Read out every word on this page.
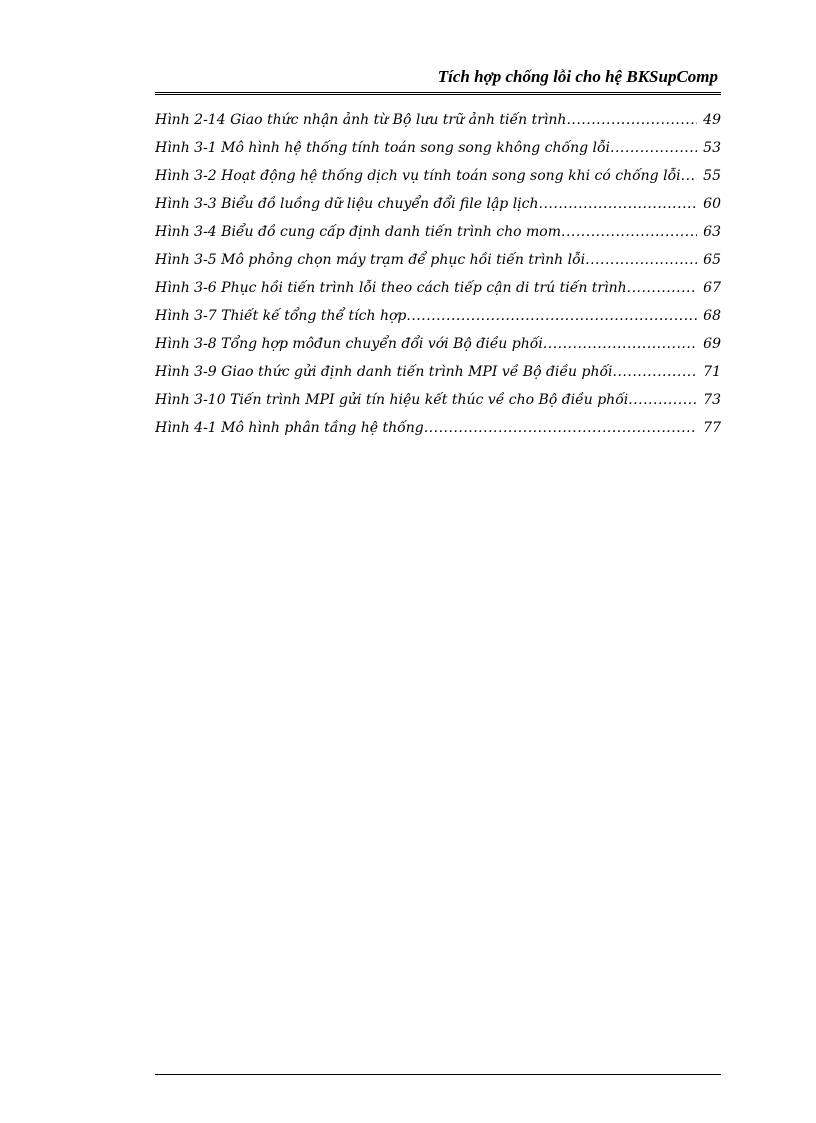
Tích hợp chống lỗi cho hệ BKSupComp
Hình 2-14 Giao thức nhận ảnh từ Bộ lưu trữ ảnh tiến trình .....	49
Hình 3-1 Mô hình hệ thống tính toán song song không chống lỗi .....	53
Hình 3-2 Hoạt động hệ thống dịch vụ tính toán song song khi có chống lỗi .....	55
Hình 3-3 Biểu đồ luồng dữ liệu chuyển đổi file lập lịch .....	60
Hình 3-4 Biểu đồ cung cấp định danh tiến trình cho mom .....	63
Hình 3-5 Mô phỏng chọn máy trạm để phục hồi tiến trình lỗi .....	65
Hình 3-6 Phục hồi tiến trình lỗi theo cách tiếp cận di trú tiến trình .....	67
Hình 3-7 Thiết kế tổng thể tích hợp .....	68
Hình 3-8 Tổng hợp môđun chuyển đổi với Bộ điều phối .....	69
Hình 3-9 Giao thức gửi định danh tiến trình MPI về Bộ điều phối .....	71
Hình 3-10 Tiến trình MPI gửi tín hiệu kết thúc về cho Bộ điều phối .....	73
Hình 4-1 Mô hình phân tầng hệ thống .....	77
